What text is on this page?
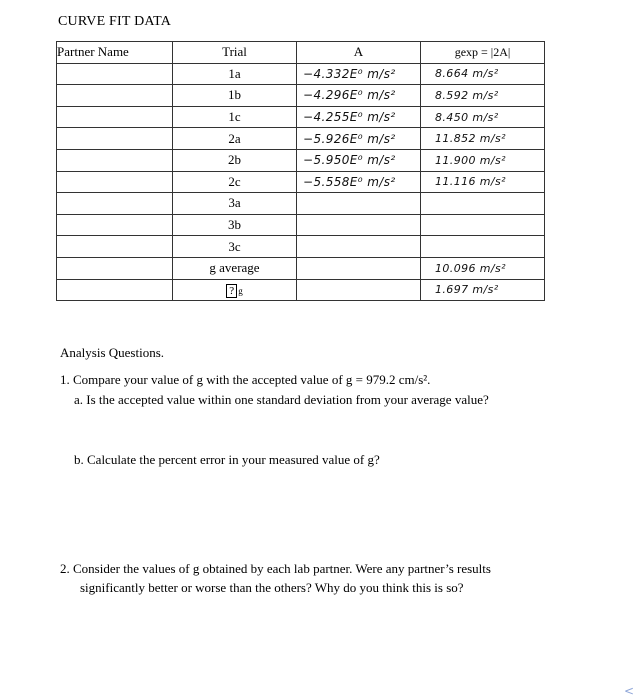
CURVE FIT DATA
Partner Name	Trial	A	gexp = |2A|
	1a	−4.332E⁰ m/s²	8.664 m/s²
	1b	−4.296E⁰ m/s²	8.592 m/s²
	1c	−4.255E⁰ m/s²	8.450 m/s²
	2a	−5.926E⁰ m/s²	11.852 m/s²
	2b	−5.950E⁰ m/s²	11.900 m/s²
	2c	−5.558E⁰ m/s²	11.116 m/s²
	3a		
	3b		
	3c		
	g average		10.096 m/s²
	? g		1.697 m/s²
Analysis Questions.
1. Compare your value of g with the accepted value of g = 979.2 cm/s².
a. Is the accepted value within one standard deviation from your average value?
b. Calculate the percent error in your measured value of g?
2. Consider the values of g obtained by each lab partner. Were any partner’s results
significantly better or worse than the others? Why do you think this is so?
<
